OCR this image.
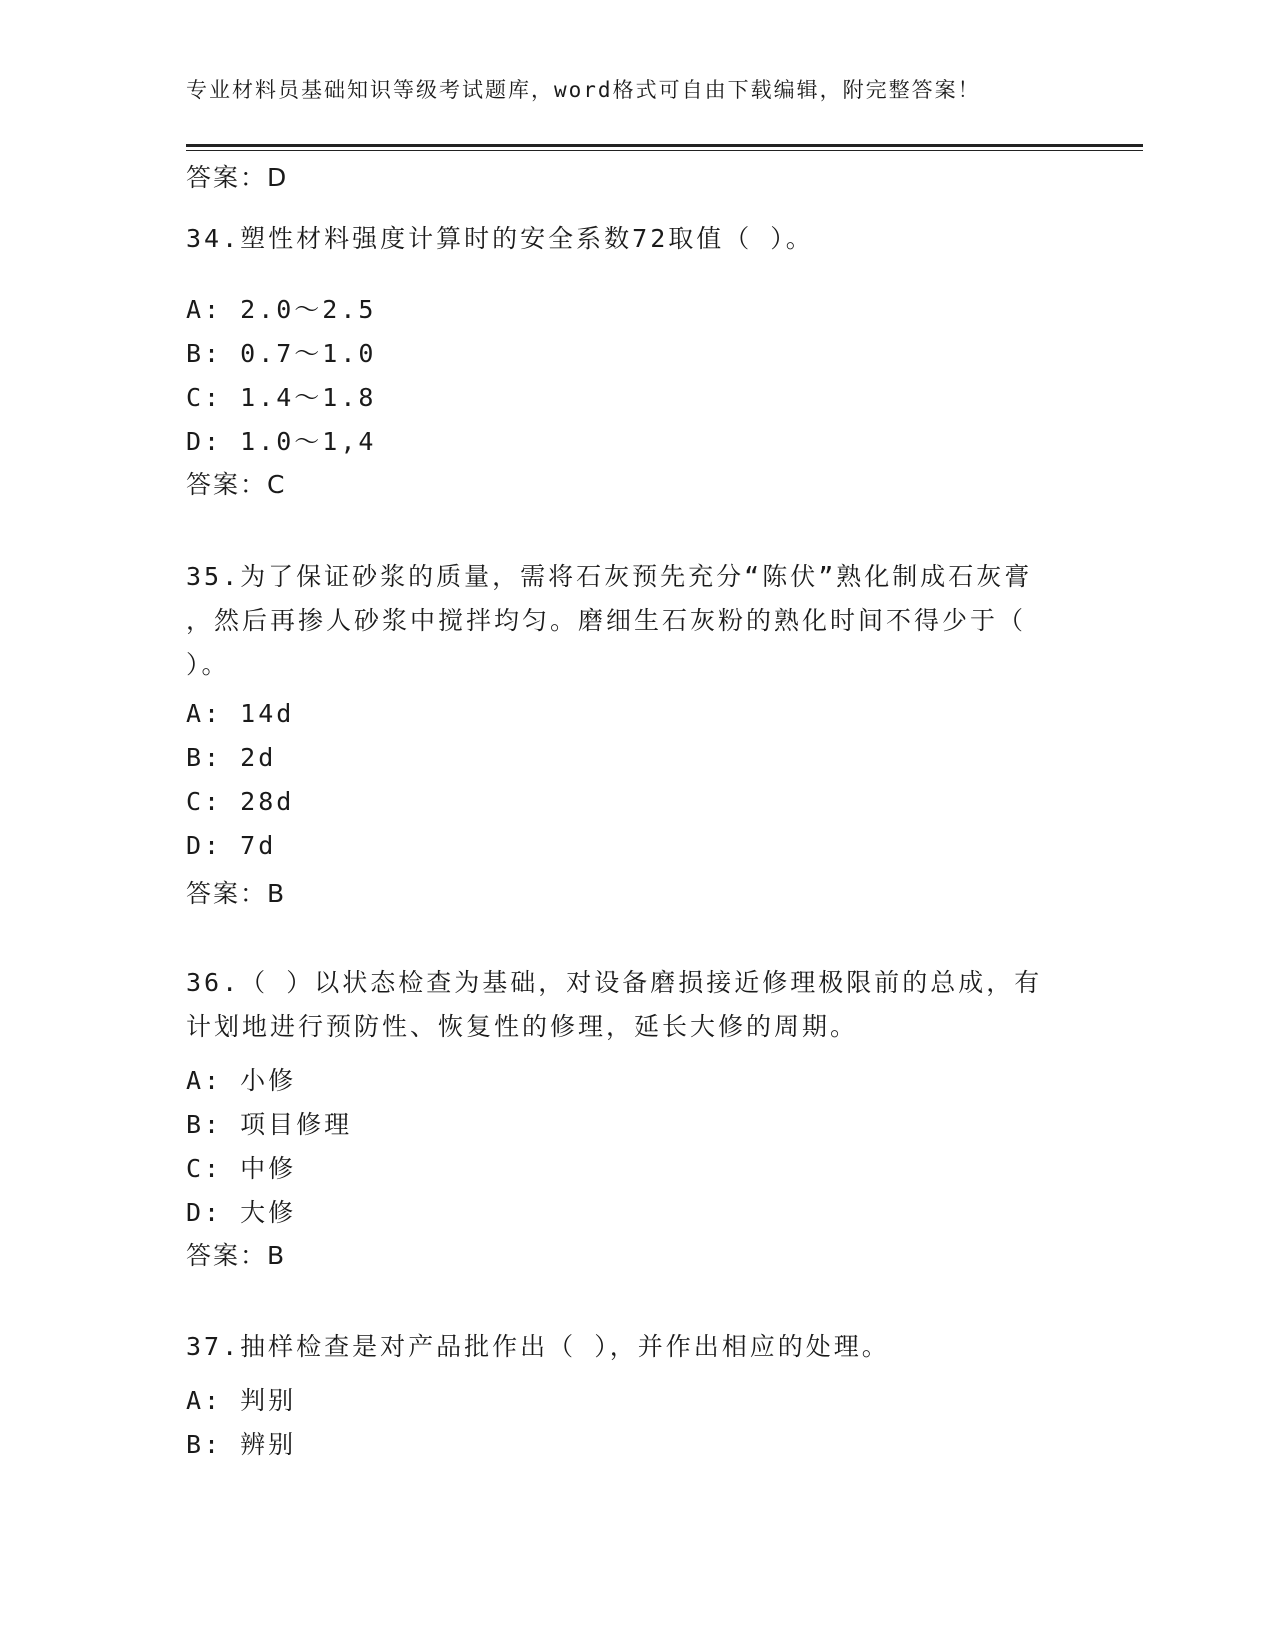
专业材料员基础知识等级考试题库，word格式可自由下载编辑，附完整答案！
答案：D
34.塑性材料强度计算时的安全系数72取值（ ）。
A: 2.0～2.5
B: 0.7～1.0
C: 1.4～1.8
D: 1.0～1,4
答案：C
35.为了保证砂浆的质量，需将石灰预先充分“陈伏”熟化制成石灰膏
，然后再掺人砂浆中搅拌均匀。磨细生石灰粉的熟化时间不得少于（
）。
A: 14d
B: 2d
C: 28d
D: 7d
答案：B
36.（ ）以状态检查为基础，对设备磨损接近修理极限前的总成，有
计划地进行预防性、恢复性的修理，延长大修的周期。
A: 小修
B: 项目修理
C: 中修
D: 大修
答案：B
37.抽样检查是对产品批作出（ ），并作出相应的处理。
A: 判别
B: 辨别
